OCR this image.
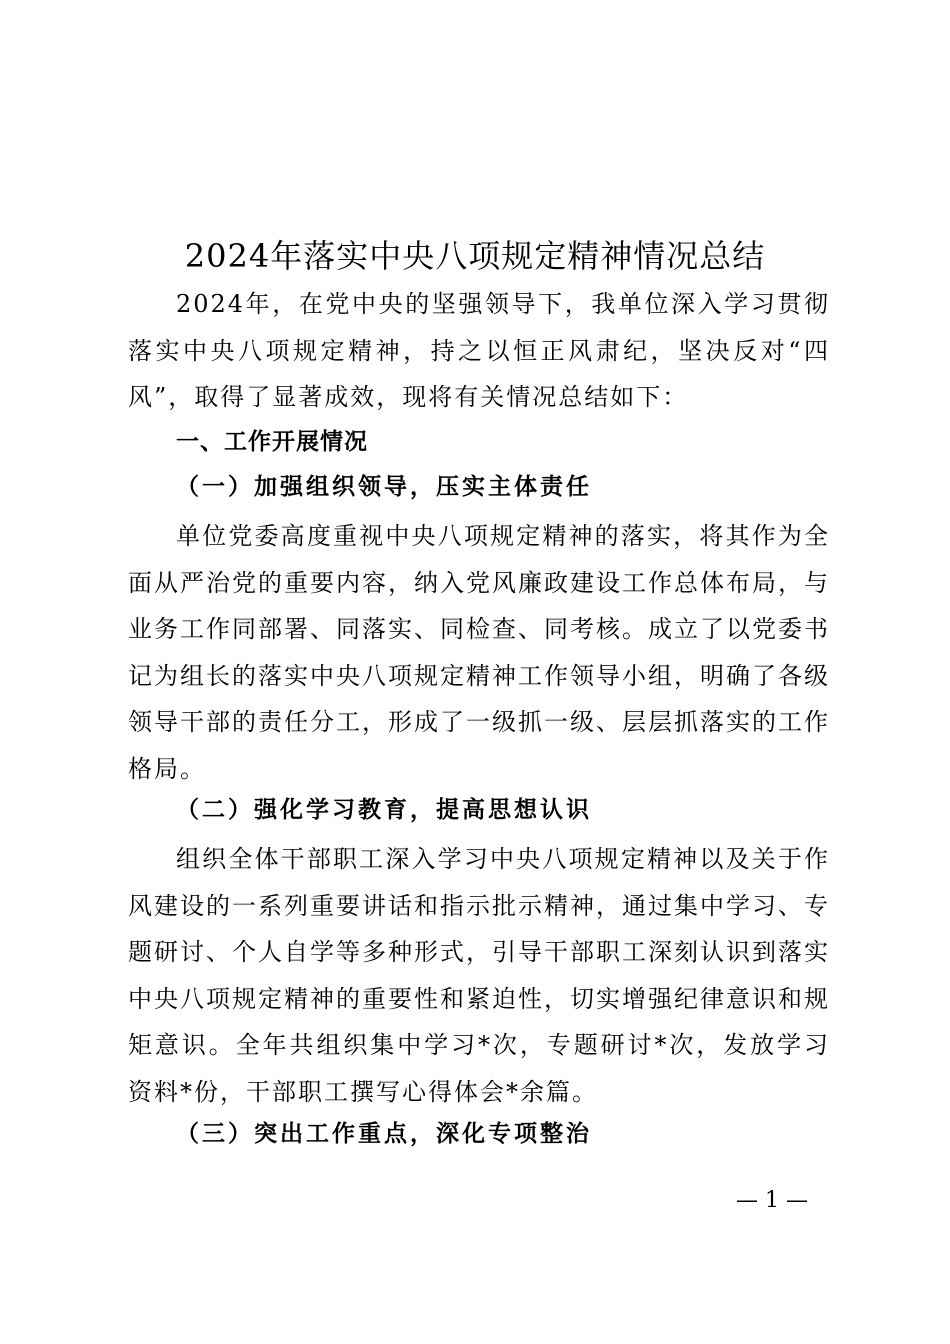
2024年落实中央八项规定精神情况总结

2024年，在党中央的坚强领导下，我单位深入学习贯彻落实中央八项规定精神，持之以恒正风肃纪，坚决反对“四风”，取得了显著成效，现将有关情况总结如下：

一、工作开展情况

（一）加强组织领导，压实主体责任

单位党委高度重视中央八项规定精神的落实，将其作为全面从严治党的重要内容，纳入党风廉政建设工作总体布局，与业务工作同部署、同落实、同检查、同考核。成立了以党委书记为组长的落实中央八项规定精神工作领导小组，明确了各级领导干部的责任分工，形成了一级抓一级、层层抓落实的工作格局。

（二）强化学习教育，提高思想认识

组织全体干部职工深入学习中央八项规定精神以及关于作风建设的一系列重要讲话和指示批示精神，通过集中学习、专题研讨、个人自学等多种形式，引导干部职工深刻认识到落实中央八项规定精神的重要性和紧迫性，切实增强纪律意识和规矩意识。全年共组织集中学习*次，专题研讨*次，发放学习资料*份，干部职工撰写心得体会*余篇。

（三）突出工作重点，深化专项整治

— 1 —
